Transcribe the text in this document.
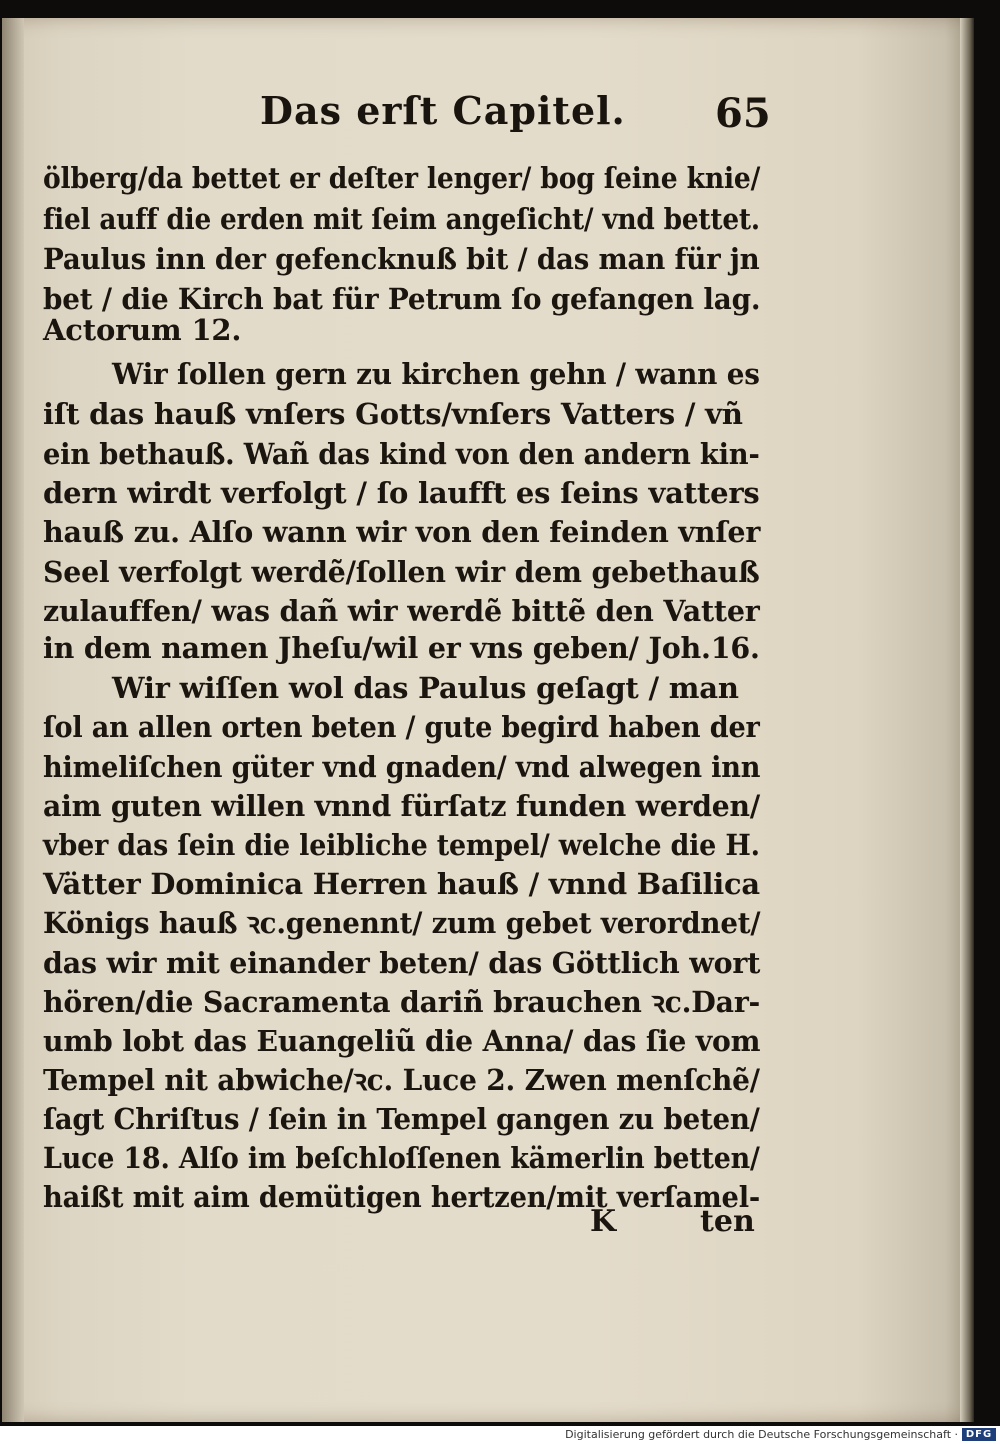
Das erſt Capitel. 65
ölberg/da bettet er deſter lenger/ bog ſeine knie/
fiel auff die erden mit ſeim angeſicht/ vnd bettet.
Paulus inn der gefencknuß bit / das man für jn
bet / die Kirch bat für Petrum ſo gefangen lag.
Actorum 12.
Wir ſollen gern zu kirchen gehn / wann es
iſt das hauß vnſers Gotts/vnſers Vatters / vñ
ein bethauß. Wañ das kind von den andern kin-
dern wirdt verfolgt / ſo laufft es ſeins vatters
hauß zu. Alſo wann wir von den feinden vnſer
Seel verfolgt werdẽ/ſollen wir dem gebethauß
zulauffen/ was dañ wir werdẽ bittẽ den Vatter
in dem namen Jheſu/wil er vns geben/ Joh.16.
Wir wiſſen wol das Paulus geſagt / man
ſol an allen orten beten / gute begird haben der
himeliſchen güter vnd gnaden/ vnd alwegen inn
aim guten willen vnnd fürſatz funden werden/
vber das ſein die leibliche tempel/ welche die H.
Vätter Dominica Herren hauß / vnnd Baſilica
Königs hauß ꝛc.genennt/ zum gebet verordnet/
das wir mit einander beten/ das Göttlich wort
hören/die Sacramenta dariñ brauchen ꝛc.Dar-
umb lobt das Euangeliũ die Anna/ das ſie vom
Tempel nit abwiche/ꝛc. Luce 2. Zwen menſchẽ/
ſagt Chriſtus / ſein in Tempel gangen zu beten/
Luce 18. Alſo im beſchloſſenen kämerlin betten/
haißt mit aim demütigen hertzen/mit verſamel-
K	ten
Digitalisierung gefördert durch die Deutsche Forschungsgemeinschaft · DFG
